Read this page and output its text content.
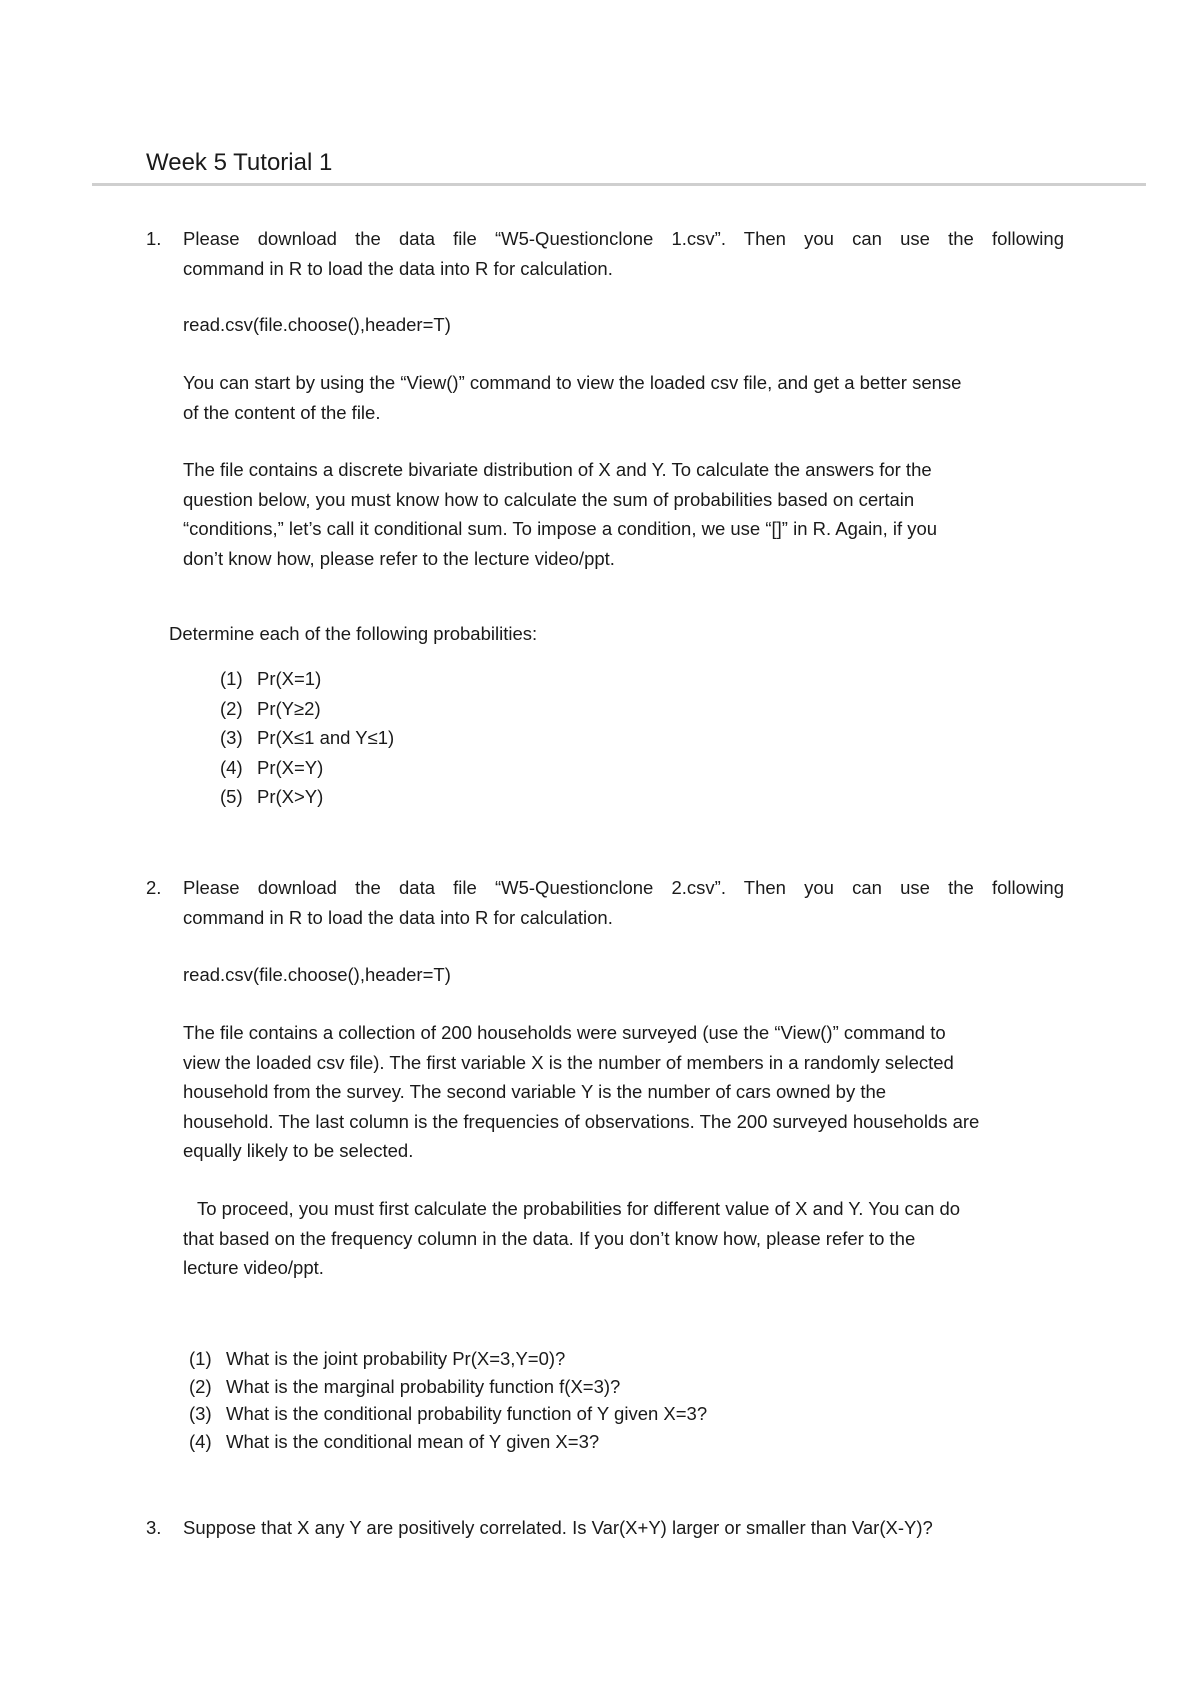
Week 5 Tutorial 1
1. Please download the data file “W5-Questionclone 1.csv”. Then you can use the following
command in R to load the data into R for calculation.
read.csv(file.choose(),header=T)
You can start by using the “View()” command to view the loaded csv file, and get a better sense
of the content of the file.
The file contains a discrete bivariate distribution of X and Y. To calculate the answers for the
question below, you must know how to calculate the sum of probabilities based on certain
“conditions,” let’s call it conditional sum. To impose a condition, we use “[]” in R. Again, if you
don’t know how, please refer to the lecture video/ppt.
Determine each of the following probabilities:
(1) Pr(X=1)
(2) Pr(Y≥2)
(3) Pr(X≤1 and Y≤1)
(4) Pr(X=Y)
(5) Pr(X>Y)
2. Please download the data file “W5-Questionclone 2.csv”. Then you can use the following
command in R to load the data into R for calculation.
read.csv(file.choose(),header=T)
The file contains a collection of 200 households were surveyed (use the “View()” command to
view the loaded csv file). The first variable X is the number of members in a randomly selected
household from the survey. The second variable Y is the number of cars owned by the
household. The last column is the frequencies of observations. The 200 surveyed households are
equally likely to be selected.
To proceed, you must first calculate the probabilities for different value of X and Y. You can do
that based on the frequency column in the data. If you don’t know how, please refer to the
lecture video/ppt.
(1) What is the joint probability Pr(X=3,Y=0)?
(2) What is the marginal probability function f(X=3)?
(3) What is the conditional probability function of Y given X=3?
(4) What is the conditional mean of Y given X=3?
3. Suppose that X any Y are positively correlated. Is Var(X+Y) larger or smaller than Var(X-Y)?
